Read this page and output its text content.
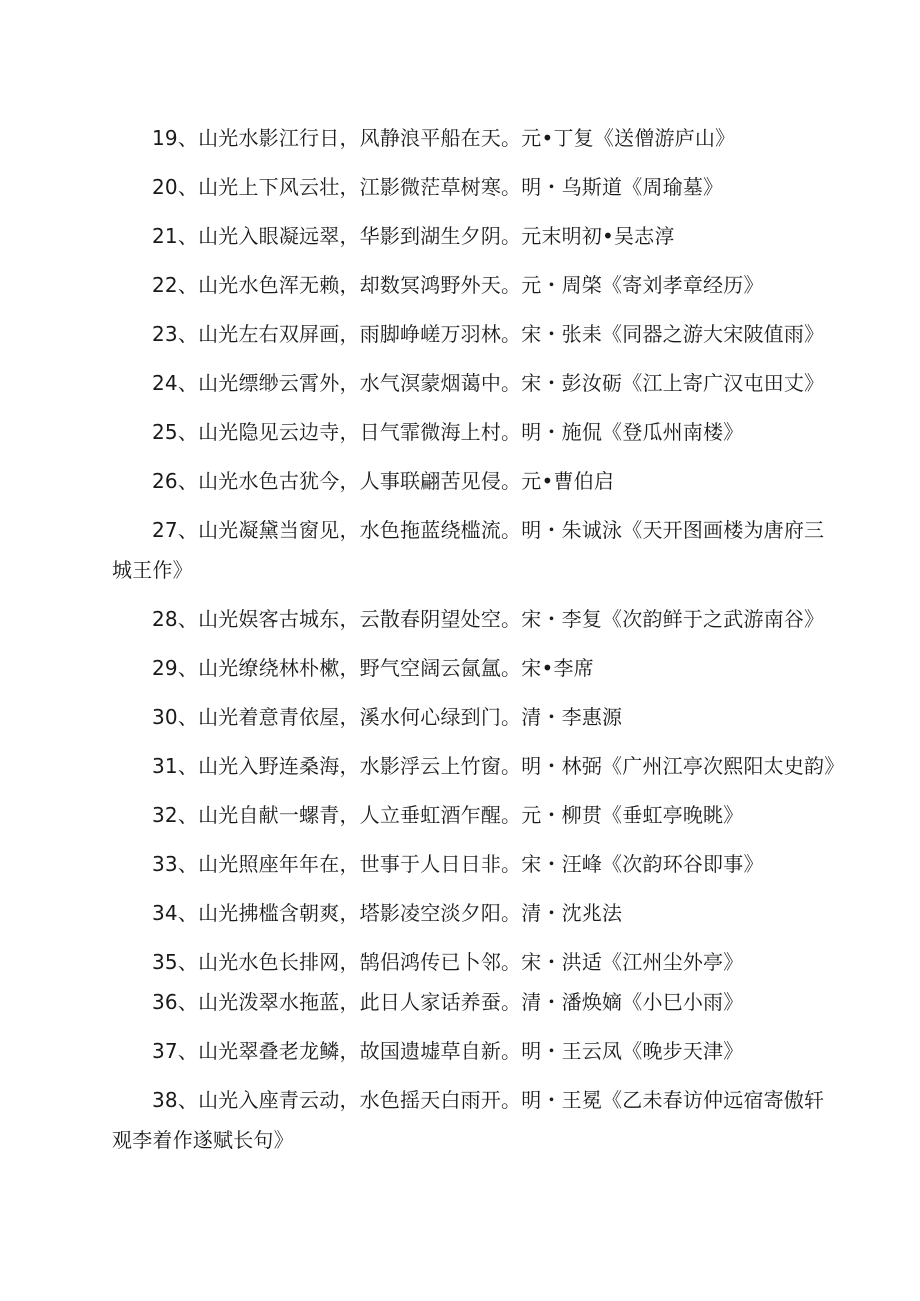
19、山光水影江行日，风静浪平船在天。元•丁复《送僧游庐山》
20、山光上下风云壮，江影微茫草树寒。明・乌斯道《周瑜墓》
21、山光入眼凝远翠，华影到湖生夕阴。元末明初•吴志淳
22、山光水色浑无赖，却数冥鸿野外天。元・周棨《寄刘孝章经历》
23、山光左右双屏画，雨脚峥嵯万羽林。宋・张耒《同器之游大宋陂值雨》
24、山光缥缈云霄外，水气溟蒙烟蔼中。宋・彭汝砺《江上寄广汉屯田丈》
25、山光隐见云边寺，日气霏微海上村。明・施侃《登瓜州南楼》
26、山光水色古犹今，人事联翩苦见侵。元•曹伯启
27、山光凝黛当窗见，水色拖蓝绕槛流。明・朱诚泳《天开图画楼为唐府三城王作》
28、山光娱客古城东，云散春阴望处空。宋・李复《次韵鲜于之武游南谷》
29、山光缭绕林朴樕，野气空阔云氤氲。宋•李席
30、山光着意青依屋，溪水何心绿到门。清・李惠源
31、山光入野连桑海，水影浮云上竹窗。明・林弼《广州江亭次熙阳太史韵》
32、山光自献一螺青，人立垂虹酒乍醒。元・柳贯《垂虹亭晚眺》
33、山光照座年年在，世事于人日日非。宋・汪峰《次韵环谷即事》
34、山光拂槛含朝爽，塔影凌空淡夕阳。清・沈兆法
35、山光水色长排网，鹄侣鸿传已卜邻。宋・洪适《江州尘外亭》
36、山光泼翠水拖蓝，此日人家话养蚕。清・潘焕嫡《小巳小雨》
37、山光翠叠老龙鳞，故国遗墟草自新。明・王云凤《晚步天津》
38、山光入座青云动，水色摇天白雨开。明・王冕《乙未春访仲远宿寄傲轩观李着作遂赋长句》
